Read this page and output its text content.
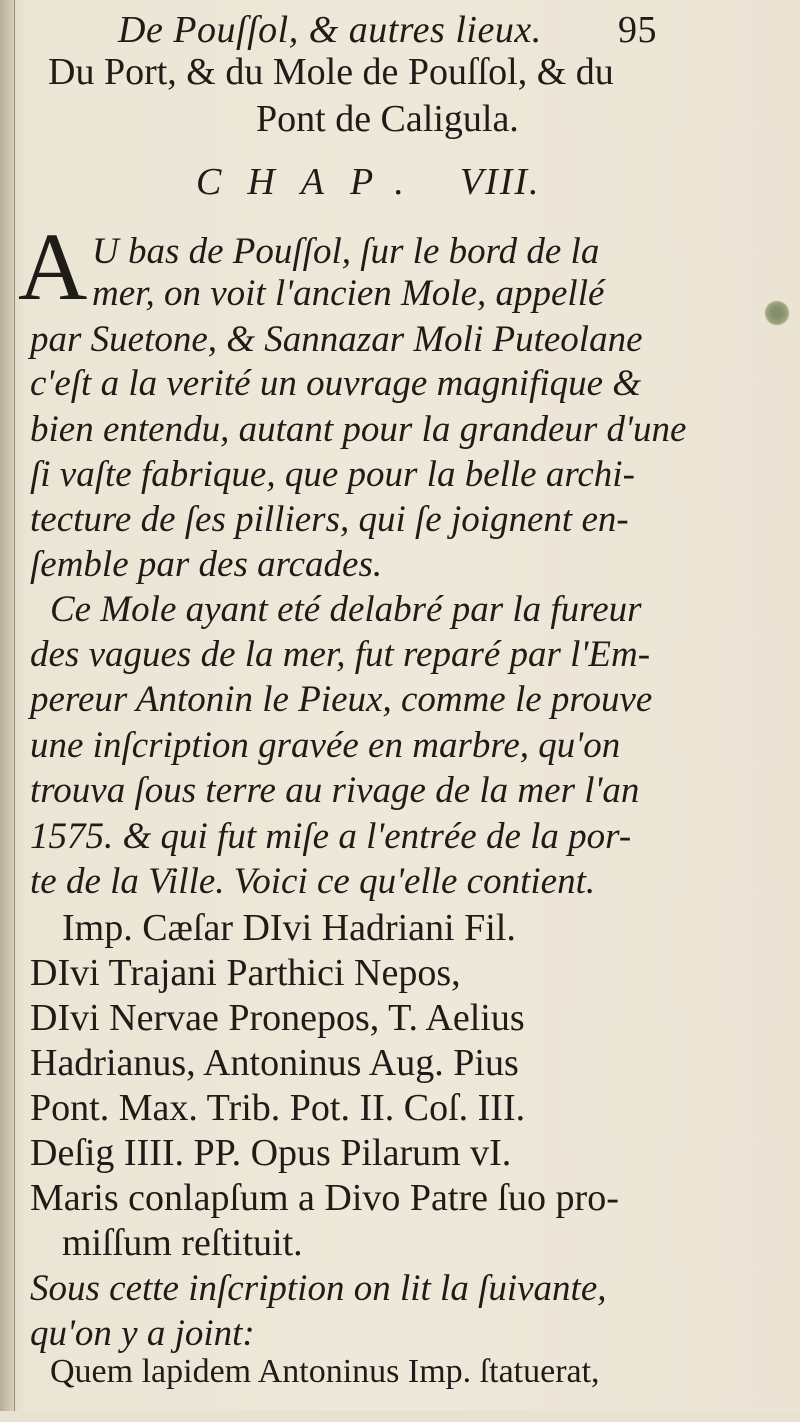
De Pouſſol, & autres lieux. 95
Du Port, & du Mole de Pouſſol, & du
Pont de Caligula.
CHAP. VIII.
A U bas de Pouſſol, ſur le bord de la
mer, on voit l'ancien Mole, appellé
par Suetone, & Sannazar Moli Puteolane
c'eſt a la verité un ouvrage magnifique &
bien entendu, autant pour la grandeur d'une
ſi vaſte fabrique, que pour la belle archi-
tecture de ſes pilliers, qui ſe joignent en-
ſemble par des arcades.
Ce Mole ayant eté delabré par la fureur
des vagues de la mer, fut reparé par l'Em-
pereur Antonin le Pieux, comme le prouve
une inſcription gravée en marbre, qu'on
trouva ſous terre au rivage de la mer l'an
1575. & qui fut miſe a l'entrée de la por-
te de la Ville. Voici ce qu'elle contient.
Imp. Cæſar DIvi Hadriani Fil.
DIvi Trajani Parthici Nepos,
DIvi Nervae Pronepos, T. Aelius
Hadrianus, Antoninus Aug. Pius
Pont. Max. Trib. Pot. II. Coſ. III.
Deſig IIII. PP. Opus Pilarum vI.
Maris conlapſum a Divo Patre ſuo pro-
miſſum reſtituit.
Sous cette inſcription on lit la ſuivante,
qu'on y a joint:
Quem lapidem Antoninus Imp. ſtatuerat,
